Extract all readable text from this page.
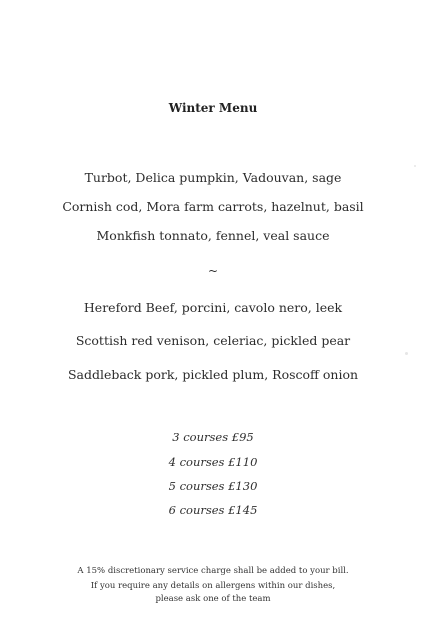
Winter Menu
Turbot, Delica pumpkin, Vadouvan, sage
Cornish cod, Mora farm carrots, hazelnut, basil
Monkfish tonnato, fennel, veal sauce
~
Hereford Beef, porcini, cavolo nero, leek
Scottish red venison, celeriac, pickled pear
Saddleback pork, pickled plum, Roscoff onion
3 courses £95
4 courses £110
5 courses £130
6 courses £145
A 15% discretionary service charge shall be added to your bill.
If you require any details on allergens within our dishes,
please ask one of the team
